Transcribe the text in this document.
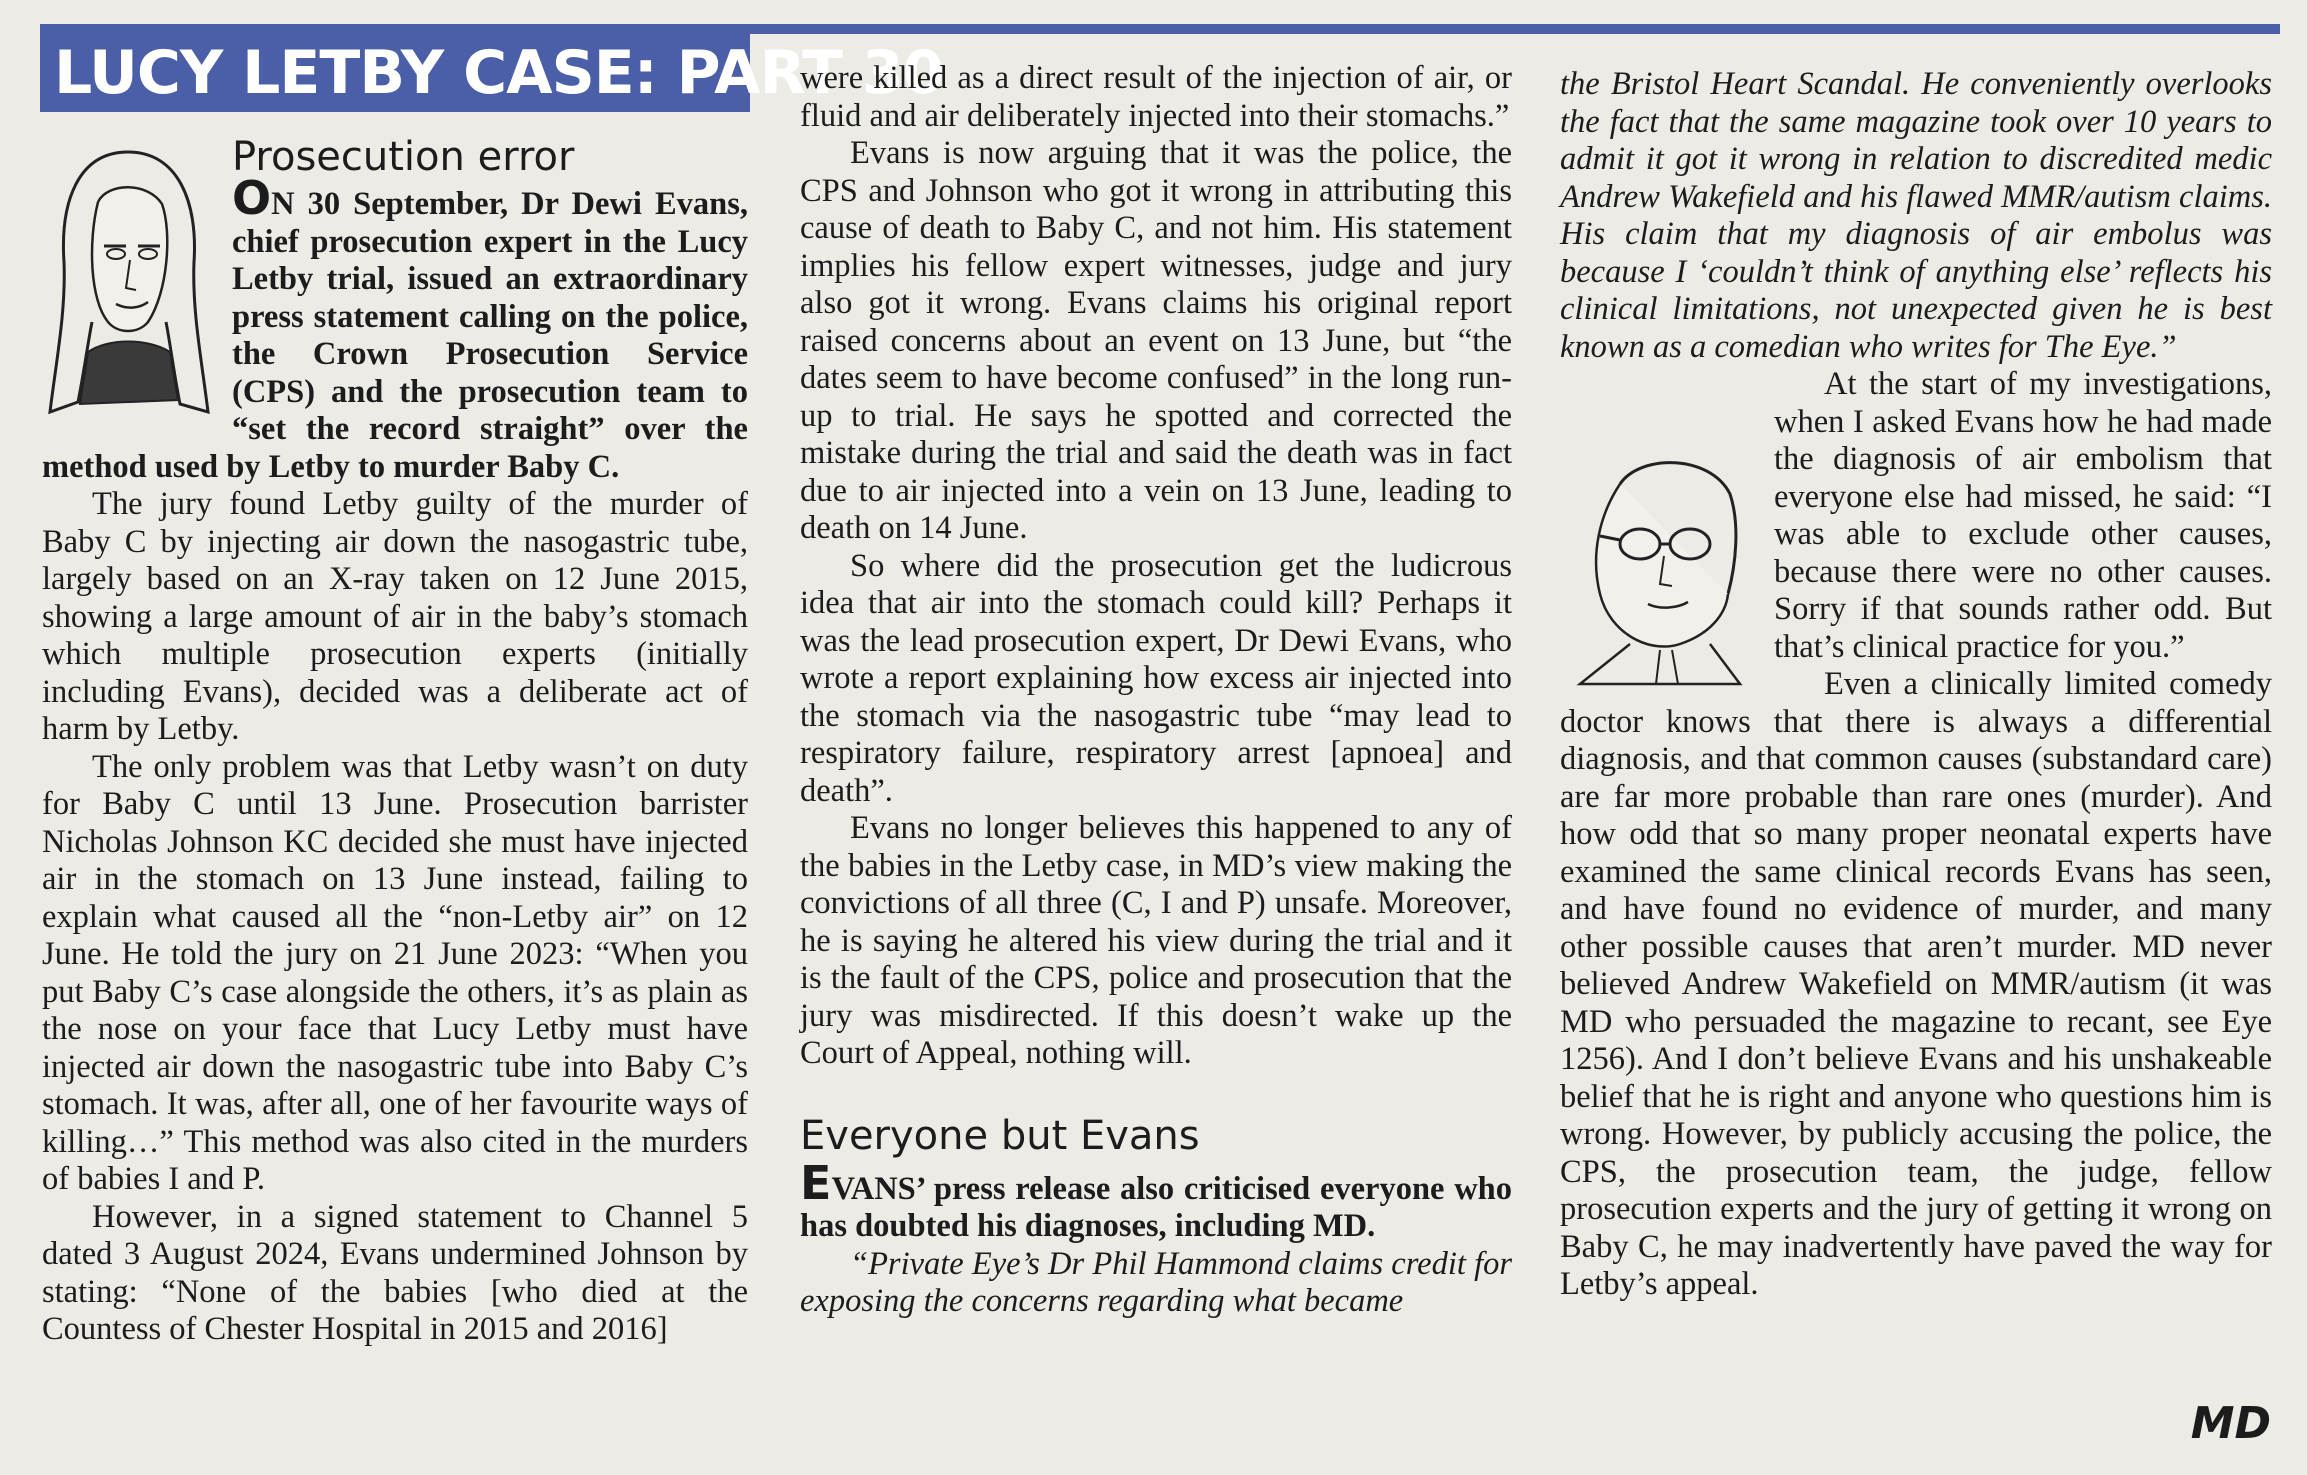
LUCY LETBY CASE: PART 30
Prosecution error

ON 30 September, Dr Dewi Evans, chief prosecution expert in the Lucy Letby trial, issued an extraordinary press statement calling on the police, the Crown Prosecution Service (CPS) and the prosecution team to “set the record straight” over the method used by Letby to murder Baby C.

The jury found Letby guilty of the murder of Baby C by injecting air down the nasogastric tube, largely based on an X-ray taken on 12 June 2015, showing a large amount of air in the baby’s stomach which multiple prosecution experts (initially including Evans), decided was a deliberate act of harm by Letby.

The only problem was that Letby wasn’t on duty for Baby C until 13 June. Prosecution barrister Nicholas Johnson KC decided she must have injected air in the stomach on 13 June instead, failing to explain what caused all the “non-Letby air” on 12 June. He told the jury on 21 June 2023: “When you put Baby C’s case alongside the others, it’s as plain as the nose on your face that Lucy Letby must have injected air down the nasogastric tube into Baby C’s stomach. It was, after all, one of her favourite ways of killing…” This method was also cited in the murders of babies I and P.

However, in a signed statement to Channel 5 dated 3 August 2024, Evans undermined Johnson by stating: “None of the babies [who died at the Countess of Chester Hospital in 2015 and 2016]

were killed as a direct result of the injection of air, or fluid and air deliberately injected into their stomachs.”

Evans is now arguing that it was the police, the CPS and Johnson who got it wrong in attributing this cause of death to Baby C, and not him. His statement implies his fellow expert witnesses, judge and jury also got it wrong. Evans claims his original report raised concerns about an event on 13 June, but “the dates seem to have become confused” in the long run-up to trial. He says he spotted and corrected the mistake during the trial and said the death was in fact due to air injected into a vein on 13 June, leading to death on 14 June.

So where did the prosecution get the ludicrous idea that air into the stomach could kill? Perhaps it was the lead prosecution expert, Dr Dewi Evans, who wrote a report explaining how excess air injected into the stomach via the nasogastric tube “may lead to respiratory failure, respiratory arrest [apnoea] and death”.

Evans no longer believes this happened to any of the babies in the Letby case, in MD’s view making the convictions of all three (C, I and P) unsafe. Moreover, he is saying he altered his view during the trial and it is the fault of the CPS, police and prosecution that the jury was misdirected. If this doesn’t wake up the Court of Appeal, nothing will.

Everyone but Evans

EVANS’ press release also criticised everyone who has doubted his diagnoses, including MD.

“Private Eye’s Dr Phil Hammond claims credit for exposing the concerns regarding what became

the Bristol Heart Scandal. He conveniently overlooks the fact that the same magazine took over 10 years to admit it got it wrong in relation to discredited medic Andrew Wakefield and his flawed MMR/autism claims. His claim that my diagnosis of air embolus was because I ‘couldn’t think of anything else’ reflects his clinical limitations, not unexpected given he is best known as a comedian who writes for The Eye.”

At the start of my investigations, when I asked Evans how he had made the diagnosis of air embolism that everyone else had missed, he said: “I was able to exclude other causes, because there were no other causes. Sorry if that sounds rather odd. But that’s clinical practice for you.”

Even a clinically limited comedy doctor knows that there is always a differential diagnosis, and that common causes (substandard care) are far more probable than rare ones (murder). And how odd that so many proper neonatal experts have examined the same clinical records Evans has seen, and have found no evidence of murder, and many other possible causes that aren’t murder. MD never believed Andrew Wakefield on MMR/autism (it was MD who persuaded the magazine to recant, see Eye 1256). And I don’t believe Evans and his unshakeable belief that he is right and anyone who questions him is wrong. However, by publicly accusing the police, the CPS, the prosecution team, the judge, fellow prosecution experts and the jury of getting it wrong on Baby C, he may inadvertently have paved the way for Letby’s appeal.

MD
